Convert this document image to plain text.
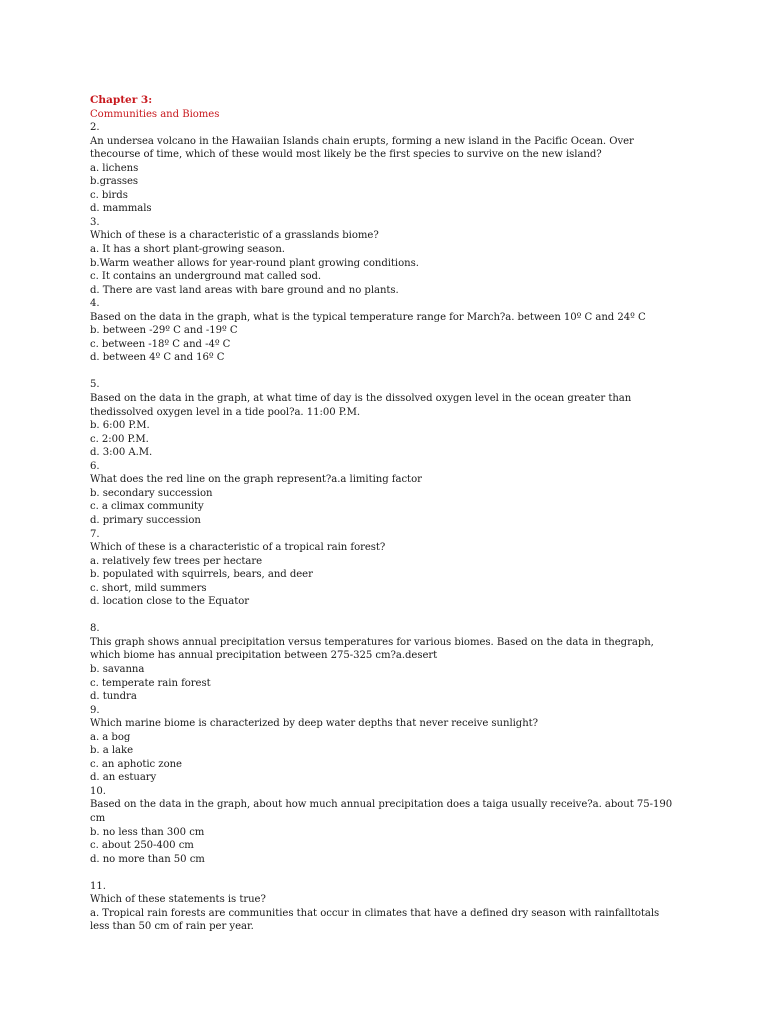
Chapter 3:
Communities and Biomes
2.
An undersea volcano in the Hawaiian Islands chain erupts, forming a new island in the Pacific Ocean. Over thecourse of time, which of these would most likely be the first species to survive on the new island?
a. lichens
b.grasses
c. birds
d. mammals
3.
Which of these is a characteristic of a grasslands biome?
a. It has a short plant-growing season.
b.Warm weather allows for year-round plant growing conditions.
c. It contains an underground mat called sod.
d. There are vast land areas with bare ground and no plants.
4.
Based on the data in the graph, what is the typical temperature range for March?a. between 10º C and 24º C
b. between -29º C and -19º C
c. between -18º C and -4º C
d. between 4º C and 16º C
5.
Based on the data in the graph, at what time of day is the dissolved oxygen level in the ocean greater than thedissolved oxygen level in a tide pool?a. 11:00 P.M.
b. 6:00 P.M.
c. 2:00 P.M.
d. 3:00 A.M.
6.
What does the red line on the graph represent?a.a limiting factor
b. secondary succession
c. a climax community
d. primary succession
7.
Which of these is a characteristic of a tropical rain forest?
a. relatively few trees per hectare
b. populated with squirrels, bears, and deer
c. short, mild summers
d. location close to the Equator
8.
This graph shows annual precipitation versus temperatures for various biomes. Based on the data in thegraph, which biome has annual precipitation between 275-325 cm?a.desert
b. savanna
c. temperate rain forest
d. tundra
9.
Which marine biome is characterized by deep water depths that never receive sunlight?
a. a bog
b. a lake
c. an aphotic zone
d. an estuary
10.
Based on the data in the graph, about how much annual precipitation does a taiga usually receive?a. about 75-190 cm
b. no less than 300 cm
c. about 250-400 cm
d. no more than 50 cm
11.
Which of these statements is true?
a. Tropical rain forests are communities that occur in climates that have a defined dry season with rainfalltotals less than 50 cm of rain per year.
